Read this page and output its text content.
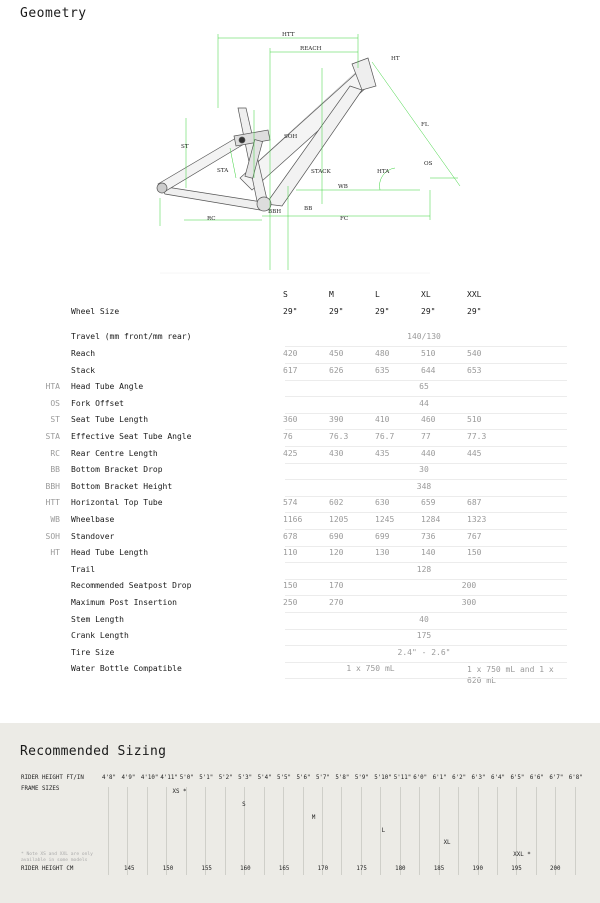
Geometry
HTT
REACH
HT
FL
OS
ST
SOH
STA	STACK	HTA
WB
BBH	BB
RC	FC
S	M	L	XL	XXL
Wheel Size	29"	29"	29"	29"	29"
Travel (mm front/mm rear)	140/130
Reach	420	450	480	510	540
Stack	617	626	635	644	653
HTA Head Tube Angle	65
OS Fork Offset	44
ST Seat Tube Length	360	390	410	460	510
STA Effective Seat Tube Angle	76	76.3	76.7	77	77.3
RC Rear Centre Length	425	430	435	440	445
BB Bottom Bracket Drop	30
BBH Bottom Bracket Height	348
HTT Horizontal Top Tube	574	602	630	659	687
WB Wheelbase	1166	1205	1245	1284	1323
SOH Standover	678	690	699	736	767
HT Head Tube Length	110	120	130	140	150
Trail	128
Recommended Seatpost Drop	150	170	200
Maximum Post Insertion	250	270	300
Stem Length	40
Crank Length	175
Tire Size	2.4" - 2.6"
Water Bottle Compatible	1 x 750 mL	1 x 750 mL and 1 x 620 mL
Recommended Sizing
RIDER HEIGHT FT/IN
FRAME SIZES
RIDER HEIGHT CM
* Note XS and XXL are only available in some models
4'8" 4'9" 4'10" 4'11" 5'0" 5'1" 5'2" 5'3" 5'4" 5'5" 5'6" 5'7" 5'8" 5'9" 5'10" 5'11" 6'0" 6'1" 6'2" 6'3" 6'4" 6'5" 6'6" 6'7" 6'8"
145	150	155	160	165	170	175	180	185	190	195	200
XS *
S
M
L
XL
XXL *
